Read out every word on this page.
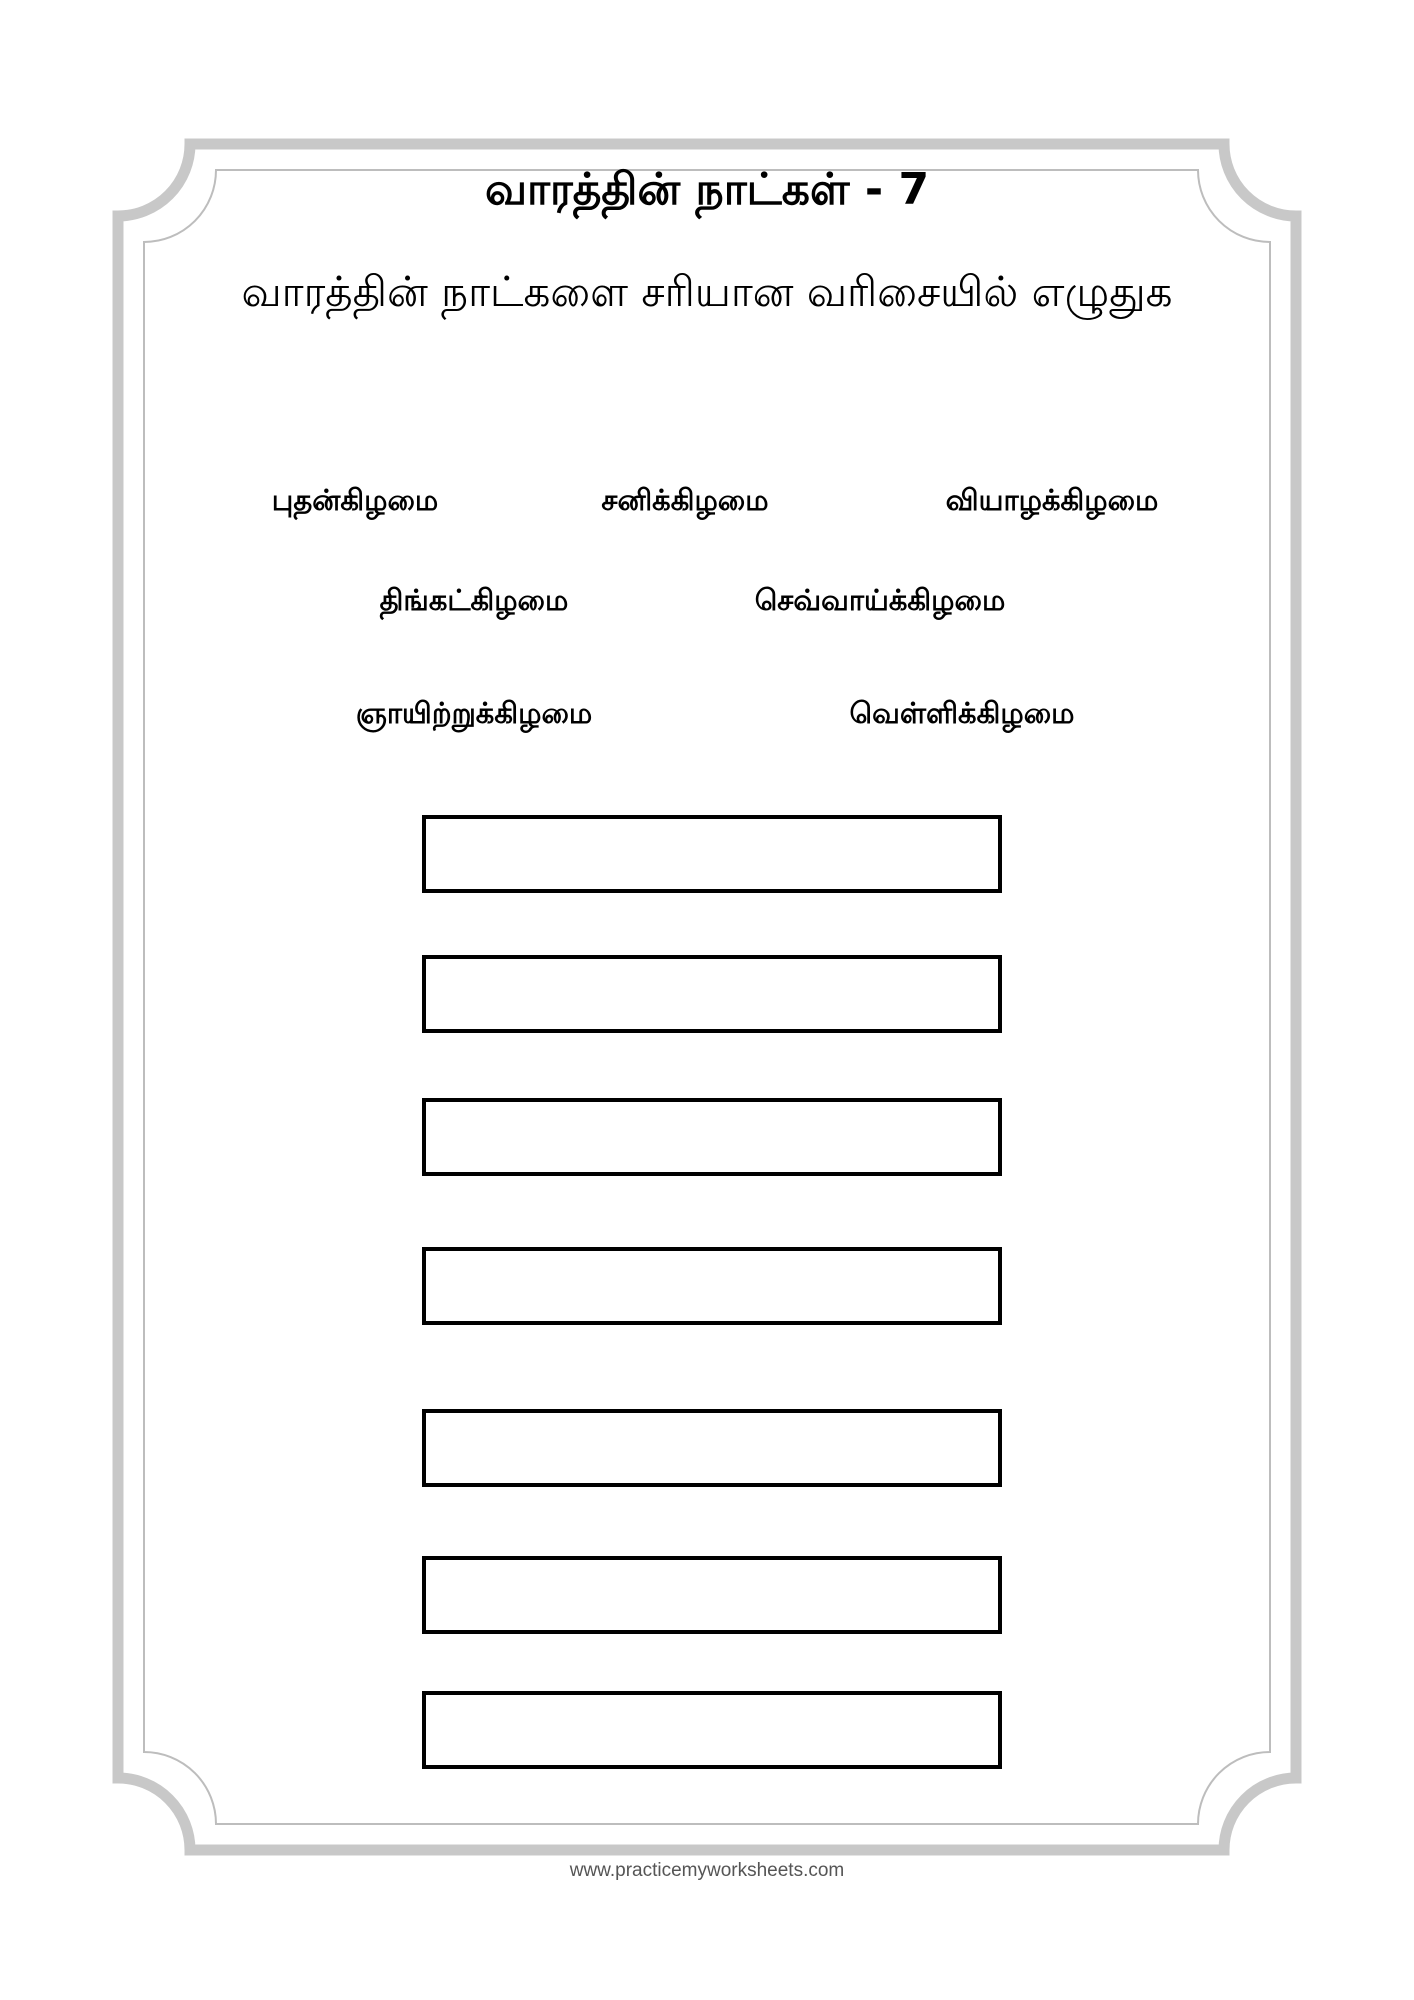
வாரத்தின் நாட்கள் - 7
வாரத்தின் நாட்களை சரியான வரிசையில் எழுதுக
புதன்கிழமை	சனிக்கிழமை	வியாழக்கிழமை
திங்கட்கிழமை	செவ்வாய்க்கிழமை
ஞாயிற்றுக்கிழமை	வெள்ளிக்கிழமை
www.practicemyworksheets.com
